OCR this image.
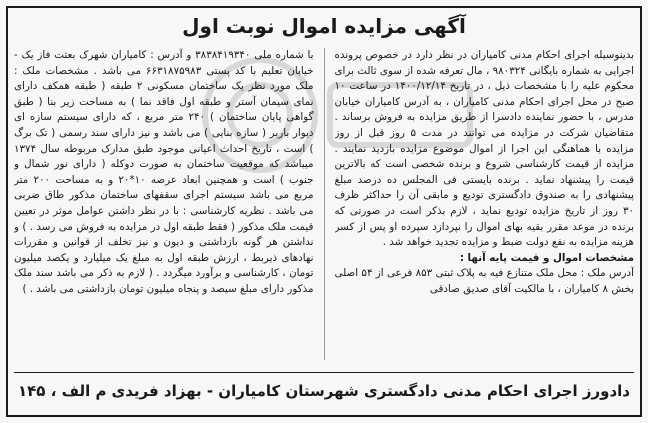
آگهی مزایده اموال نوبت اول

بدینوسیله اجرای احکام مدنی کامیاران در نظر دارد در خصوص پرونده اجرایی به شماره بایگانی ۹۸۰۳۲۴ ، مال تعرفه شده از سوی ثالث برای محکوم علیه را با مشخصات ذیل ، در تاریخ ۱۴۰۰/۱۲/۱۴ در ساعت ۱۰ صبح در محل اجرای احکام مدنی کامیاران ، به آدرس کامیاران خیابان مدرس ، با حضور نماینده دادسرا از طریق مزایده به فروش برساند . متقاضیان شرکت در مزایده می توانند در مدت ۵ روز قبل از روز مزایده با هماهنگی این اجرا از اموال موضوع مزایده بازدید نمایند . مزایده از قیمت کارشناسی شروع و برنده شخصی است که بالاترین قیمت را پیشنهاد نماید . برنده بایستی فی المجلس ده درصد مبلغ پیشنهادی را به صندوق دادگستری تودیع و مابقی آن را حداکثر ظرف ۳۰ روز از تاریخ مزایده تودیع نماید ، لازم بذکر است در صورتی که برنده در موعد مقرر بقیه بهای اموال را نپردازد سپرده او پس از کسر هزینه مزایده به نفع دولت ضبط و مزایده تجدید خواهد شد .

مشخصات اموال و قیمت پایه آنها :

آدرس ملک : محل ملک متنازع فیه به پلاک ثبتی ۸۵۳ فرعی از ۵۴ اصلی بخش ۸ کامیاران ، با مالکیت آقای صدیق صادقی

با شماره ملی ۳۸۳۸۴۱۹۳۴۰ و آدرس : کامیاران شهرک بعثت فاز یک - خیابان تعلیم با کد پستی ۶۶۳۱۸۷۵۹۸۳ می باشد . مشخصات ملک : ملک مورد نظر یک ساختمان مسکونی ۲ طبقه ( طبقه همکف دارای نمای سیمان آستر و طبقه اول فاقد نما ) به مساحت زیر بنا ( طبق گواهی پایان ساختمان ) ۲۴۰ متر مربع ، که دارای سیستم سازه ای دیوار باربر ( سازه بنایی ) می باشد و نیز دارای سند رسمی ( تک برگ ) است ، تاریخ احداث اعیانی موجود طبق مدارک مربوطه سال ۱۳۷۴ میباشد که موقعیت ساختمان به صورت دوکله ( دارای نور شمال و جنوب ) است و همچنین ابعاد عرصه ۱۰*۲۰ و به مساحت ۲۰۰ متر مربع می باشد سیستم اجرای سقفهای ساختمان مذکور طاق ضربی می باشد . نظریه کارشناسی : با در نظر داشتن عوامل موثر در تعیین قیمت ملک مذکور ( فقط طبقه اول در مزایده به فروش می رسد . ) و نداشتن هر گونه بازداشتی و دیون و نیز تخلف از قوانین و مقررات نهادهای ذیربط ، ارزش طبقه اول به مبلغ یک میلیارد و یکصد میلیون تومان ، کارشناسی و برآورد میگردد . ( لازم به ذکر می باشد سند ملک مذکور دارای مبلغ سیصد و پنجاه میلیون تومان بازداشتی می باشد . )

دادورز اجرای احکام مدنی دادگستری شهرستان کامیاران - بهزاد فریدی
م الف ، ۱۴۵
